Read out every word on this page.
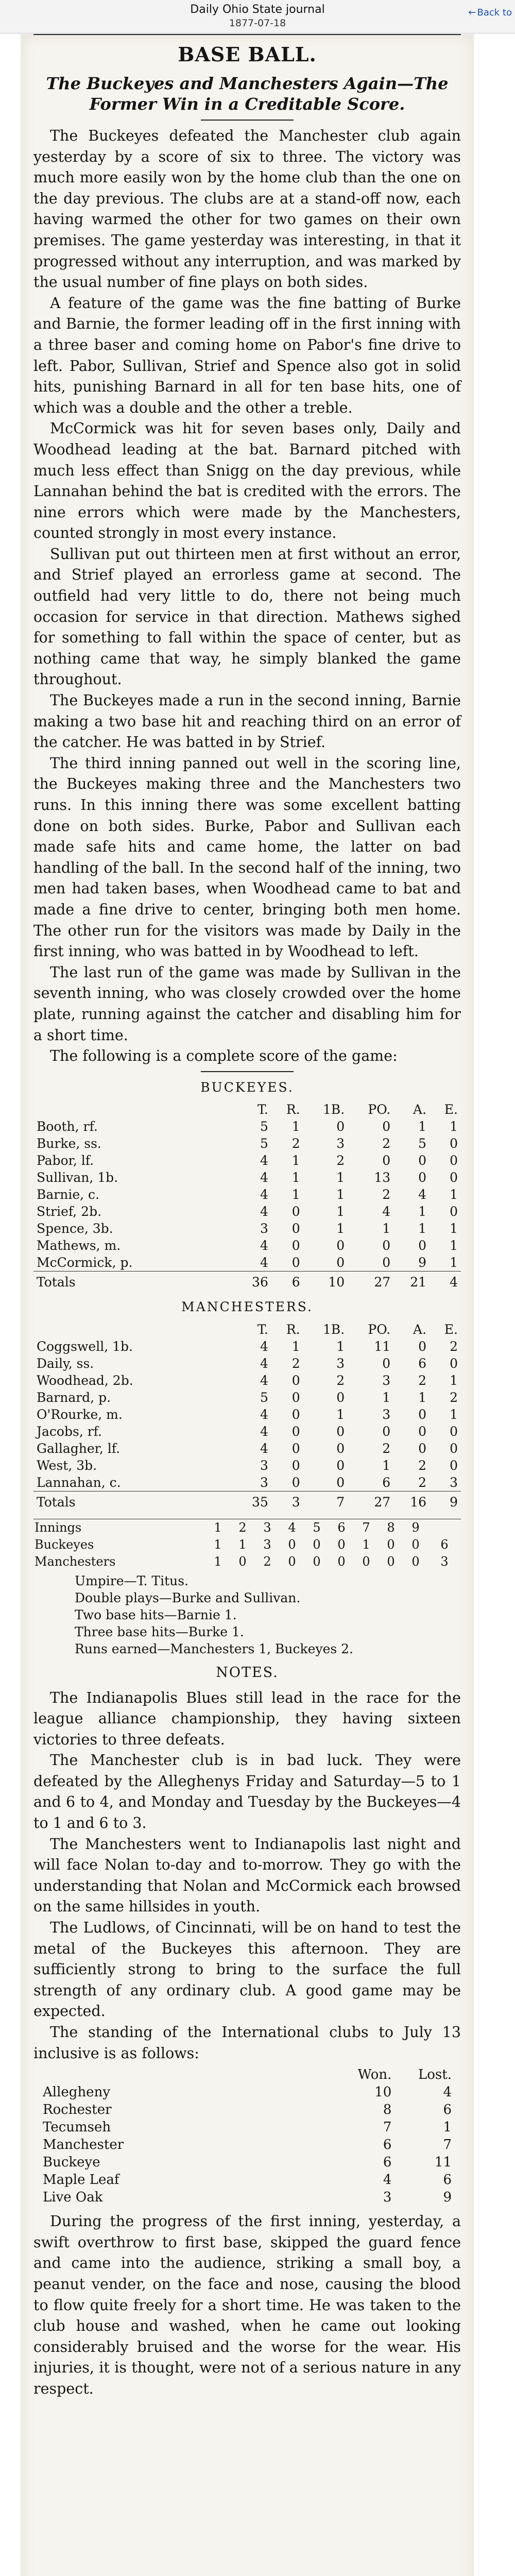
Daily Ohio State journal
1877-07-18
← Back to
BASE BALL.
The Buckeyes and Manchesters Again—The Former Win in a Creditable Score.

The Buckeyes defeated the Manchester club again yesterday by a score of six to three. The victory was much more easily won by the home club than the one on the day previous. The clubs are at a stand-off now, each having warmed the other for two games on their own premises. The game yesterday was interesting, in that it progressed without any interruption, and was marked by the usual number of fine plays on both sides.

A feature of the game was the fine batting of Burke and Barnie, the former leading off in the first inning with a three baser and coming home on Pabor's fine drive to left. Pabor, Sullivan, Strief and Spence also got in solid hits, punishing Barnard in all for ten base hits, one of which was a double and the other a treble.

McCormick was hit for seven bases only, Daily and Woodhead leading at the bat. Barnard pitched with much less effect than Snigg on the day previous, while Lannahan behind the bat is credited with the errors. The nine errors which were made by the Manchesters, counted strongly in most every instance.

Sullivan put out thirteen men at first without an error, and Strief played an errorless game at second. The outfield had very little to do, there not being much occasion for service in that direction. Mathews sighed for something to fall within the space of center, but as nothing came that way, he simply blanked the game throughout.

The Buckeyes made a run in the second inning, Barnie making a two base hit and reaching third on an error of the catcher. He was batted in by Strief.

The third inning panned out well in the scoring line, the Buckeyes making three and the Manchesters two runs. In this inning there was some excellent batting done on both sides. Burke, Pabor and Sullivan each made safe hits and came home, the latter on bad handling of the ball. In the second half of the inning, two men had taken bases, when Woodhead came to bat and made a fine drive to center, bringing both men home. The other run for the visitors was made by Daily in the first inning, who was batted in by Woodhead to left.

The last run of the game was made by Sullivan in the seventh inning, who was closely crowded over the home plate, running against the catcher and disabling him for a short time.

The following is a complete score of the game:

BUCKEYES.
	T.	R.	1B.	PO.	A.	E.
Booth, rf.	5	1	0	0	1	1
Burke, ss.	5	2	3	2	5	0
Pabor, lf.	4	1	2	0	0	0
Sullivan, 1b.	4	1	1	13	0	0
Barnie, c.	4	1	1	2	4	1
Strief, 2b.	4	0	1	4	1	0
Spence, 3b.	3	0	1	1	1	1
Mathews, m.	4	0	0	0	0	1
McCormick, p.	4	0	0	0	9	1
Totals	36	6	10	27	21	4
MANCHESTERS.
	T.	R.	1B.	PO.	A.	E.
Coggswell, 1b.	4	1	1	11	0	2
Daily, ss.	4	2	3	0	6	0
Woodhead, 2b.	4	0	2	3	2	1
Barnard, p.	5	0	0	1	1	2
O'Rourke, m.	4	0	1	3	0	1
Jacobs, rf.	4	0	0	0	0	0
Gallagher, lf.	4	0	0	2	0	0
West, 3b.	3	0	0	1	2	0
Lannahan, c.	3	0	0	6	2	3
Totals	35	3	7	27	16	9
Innings	1	2	3	4	5	6	7	8	9	
Buckeyes	1	1	3	0	0	0	1	0	0	6
Manchesters	1	0	2	0	0	0	0	0	0	3
Umpire—T. Titus.
Double plays—Burke and Sullivan.
Two base hits—Barnie 1.
Three base hits—Burke 1.
Runs earned—Manchesters 1, Buckeyes 2.
NOTES.

The Indianapolis Blues still lead in the race for the league alliance championship, they having sixteen victories to three defeats.

The Manchester club is in bad luck. They were defeated by the Alleghenys Friday and Saturday—5 to 1 and 6 to 4, and Monday and Tuesday by the Buckeyes—4 to 1 and 6 to 3.

The Manchesters went to Indianapolis last night and will face Nolan to-day and to-morrow. They go with the understanding that Nolan and McCormick each browsed on the same hillsides in youth.

The Ludlows, of Cincinnati, will be on hand to test the metal of the Buckeyes this afternoon. They are sufficiently strong to bring to the surface the full strength of any ordinary club. A good game may be expected.

The standing of the International clubs to July 13 inclusive is as follows:

	Won.	Lost.
Allegheny	10	4
Rochester	8	6
Tecumseh	7	1
Manchester	6	7
Buckeye	6	11
Maple Leaf	4	6
Live Oak	3	9

During the progress of the first inning, yesterday, a swift overthrow to first base, skipped the guard fence and came into the audience, striking a small boy, a peanut vender, on the face and nose, causing the blood to flow quite freely for a short time. He was taken to the club house and washed, when he came out looking considerably bruised and the worse for the wear. His injuries, it is thought, were not of a serious nature in any respect.
